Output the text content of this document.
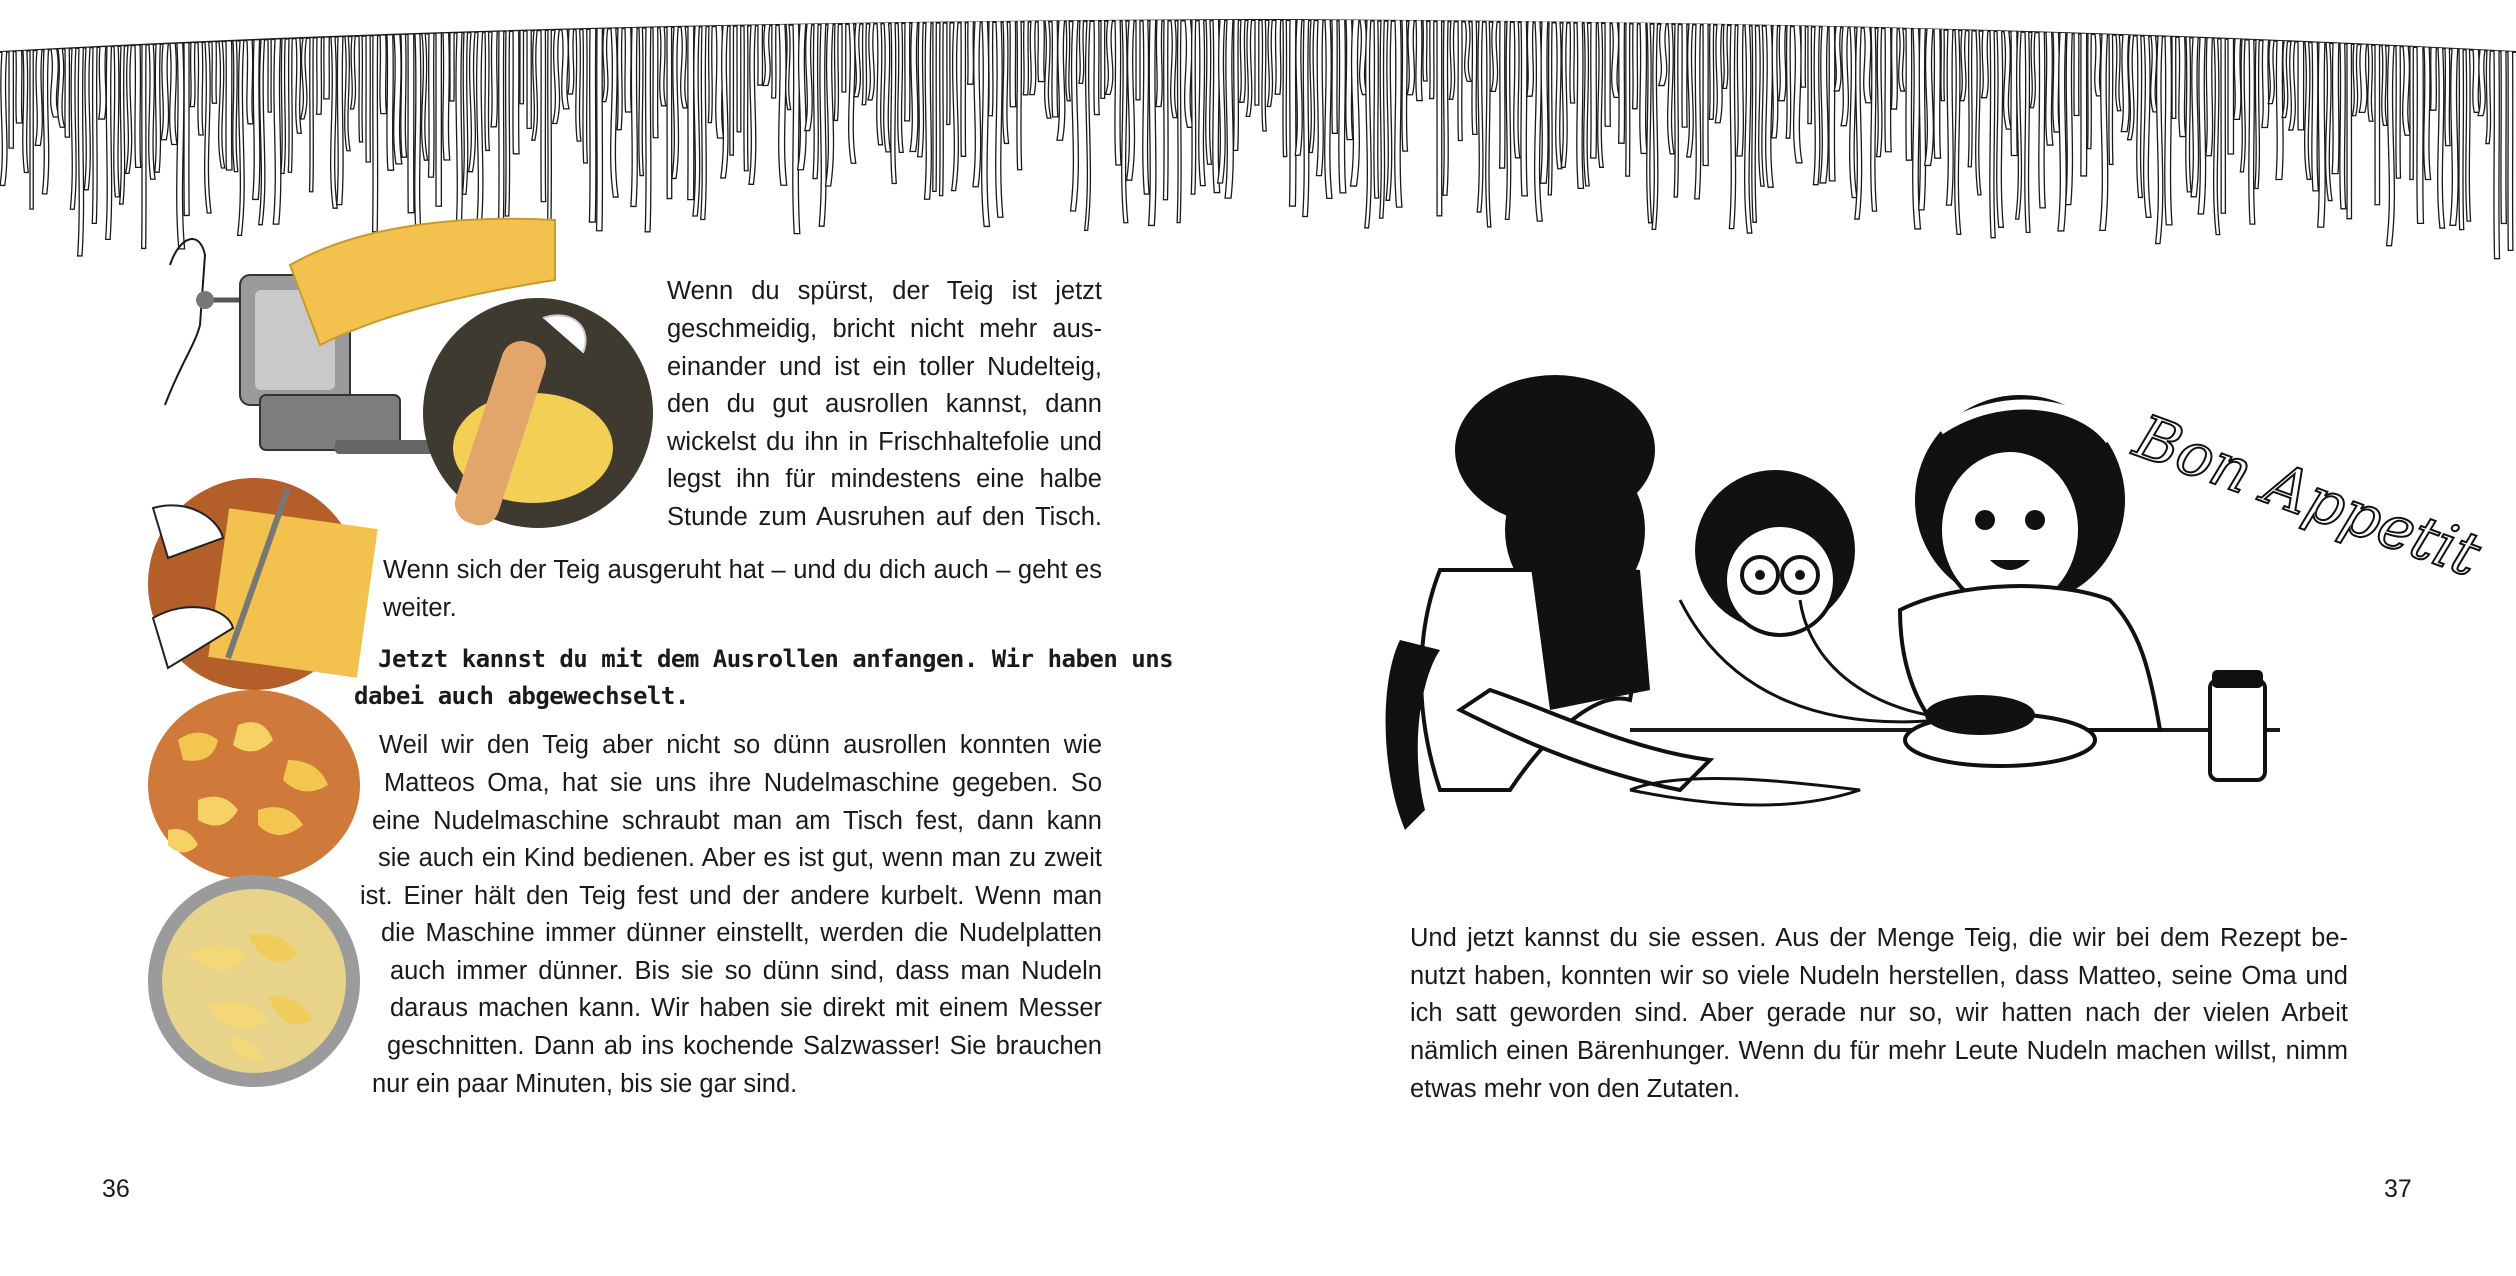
Wenn du spürst, der Teig ist jetzt
geschmeidig, bricht nicht mehr aus-
einander und ist ein toller Nudelteig,
den du gut ausrollen kannst, dann
wickelst du ihn in Frischhaltefolie und
legst ihn für mindestens eine halbe
Stunde zum Ausruhen auf den Tisch.
Wenn sich der Teig ausgeruht hat – und du dich auch – geht es
weiter.
Jetzt kannst du mit dem Ausrollen anfangen. Wir haben uns
dabei auch abgewechselt.
Weil wir den Teig aber nicht so dünn ausrollen konnten wie
Matteos Oma, hat sie uns ihre Nudelmaschine gegeben. So
eine Nudelmaschine schraubt man am Tisch fest, dann kann
sie auch ein Kind bedienen. Aber es ist gut, wenn man zu zweit
ist. Einer hält den Teig fest und der andere kurbelt. Wenn man
die Maschine immer dünner einstellt, werden die Nudelplatten
auch immer dünner. Bis sie so dünn sind, dass man Nudeln
daraus machen kann. Wir haben sie direkt mit einem Messer
geschnitten. Dann ab ins kochende Salzwasser! Sie brauchen
nur ein paar Minuten, bis sie gar sind.
36
Bon Appetit
Und jetzt kannst du sie essen. Aus der Menge Teig, die wir bei dem Rezept be-
nutzt haben, konnten wir so viele Nudeln herstellen, dass Matteo, seine Oma und
ich satt geworden sind. Aber gerade nur so, wir hatten nach der vielen Arbeit
nämlich einen Bärenhunger. Wenn du für mehr Leute Nudeln machen willst, nimm
etwas mehr von den Zutaten.
37
